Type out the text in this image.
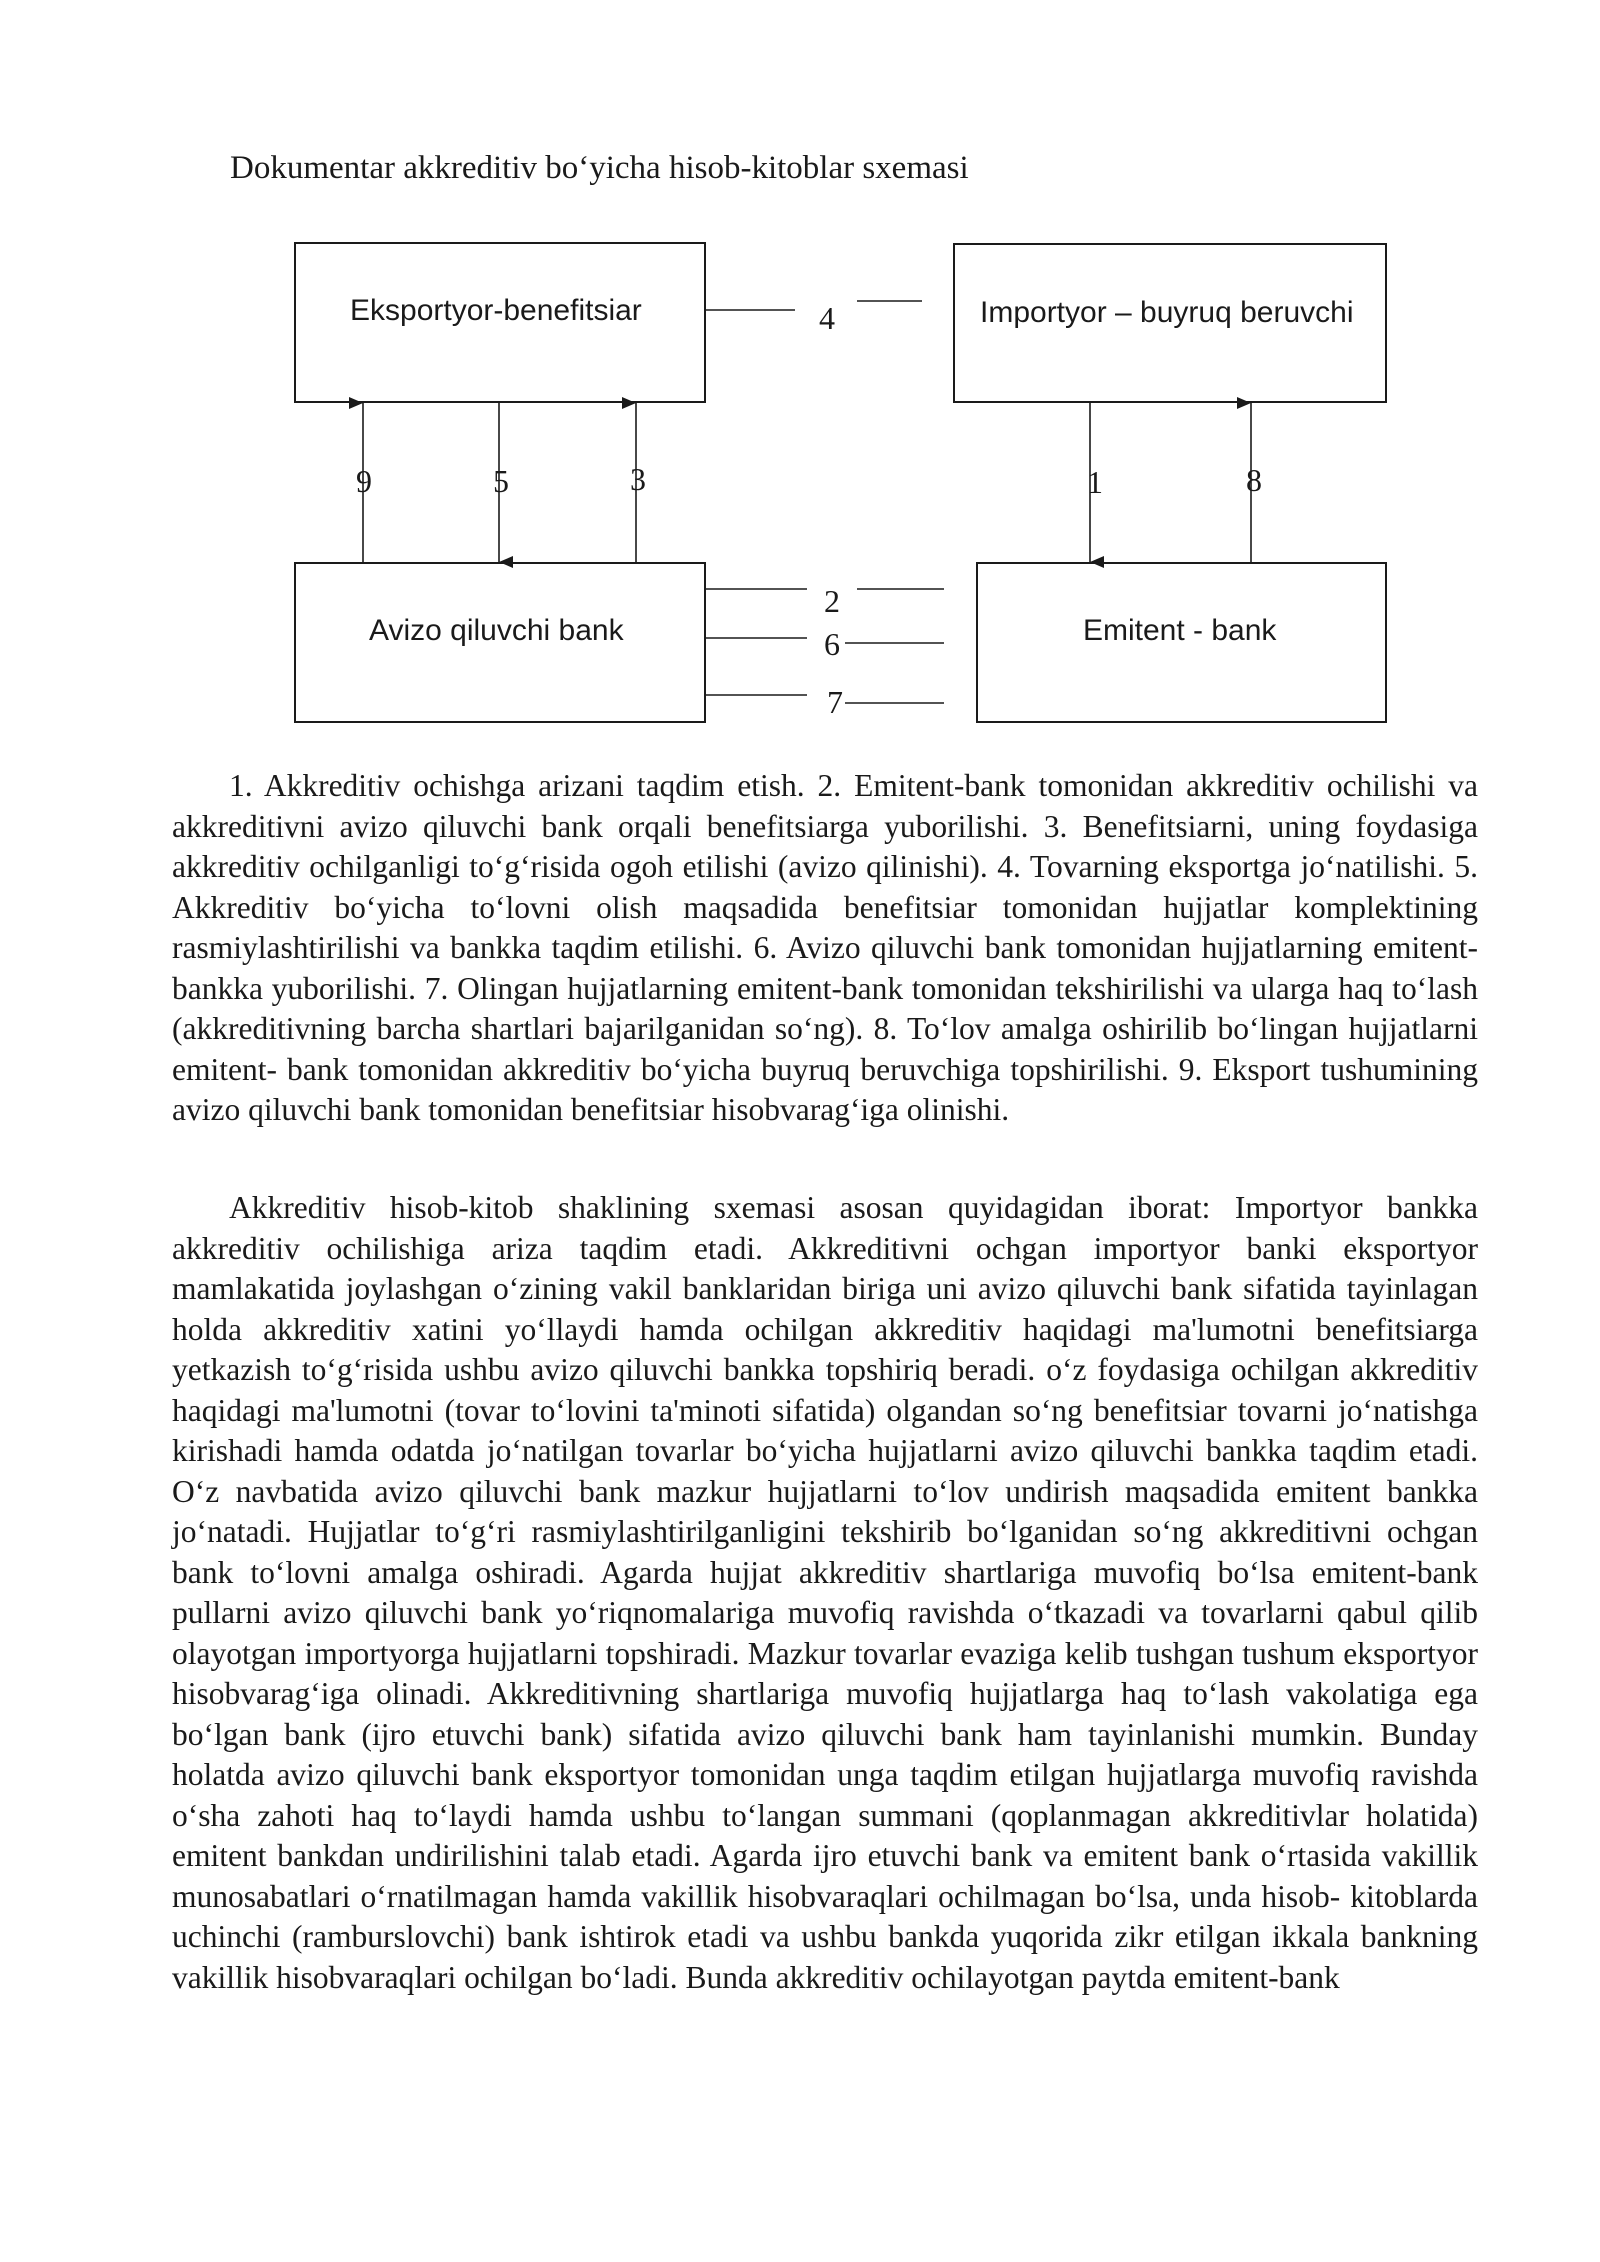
Dokumentar akkreditiv bo‘yicha hisob-kitoblar sxemasi
Eksportyor-benefitsiar	Importyor – buyruq beruvchi
Avizo qiluvchi bank	Emitent - bank
4
9	5	3	1	8
2
6
7

1. Akkreditiv ochishga arizani taqdim etish. 2. Emitent-bank tomonidan akkreditiv ochilishi va akkreditivni avizo qiluvchi bank orqali benefitsiarga yuborilishi. 3. Benefitsiarni, uning foydasiga akkreditiv ochilganligi to‘g‘risida ogoh etilishi (avizo qilinishi). 4. Tovarning eksportga jo‘natilishi. 5. Akkreditiv bo‘yicha to‘lovni olish maqsadida benefitsiar tomonidan hujjatlar komplektining rasmiylashtirilishi va bankka taqdim etilishi. 6. Avizo qiluvchi bank tomonidan hujjatlarning emitent-bankka yuborilishi. 7. Olingan hujjatlarning emitent-bank tomonidan tekshirilishi va ularga haq to‘lash (akkreditivning barcha shartlari bajarilganidan so‘ng). 8. To‘lov amalga oshirilib bo‘lingan hujjatlarni emitent- bank tomonidan akkreditiv bo‘yicha buyruq beruvchiga topshirilishi. 9. Eksport tushumining avizo qiluvchi bank tomonidan benefitsiar hisobvarag‘iga olinishi.

Akkreditiv hisob-kitob shaklining sxemasi asosan quyidagidan iborat: Importyor bankka akkreditiv ochilishiga ariza taqdim etadi. Akkreditivni ochgan importyor banki eksportyor mamlakatida joylashgan o‘zining vakil banklaridan biriga uni avizo qiluvchi bank sifatida tayinlagan holda akkreditiv xatini yo‘llaydi hamda ochilgan akkreditiv haqidagi ma'lumotni benefitsiarga yetkazish to‘g‘risida ushbu avizo qiluvchi bankka topshiriq beradi. o‘z foydasiga ochilgan akkreditiv haqidagi ma'lumotni (tovar to‘lovini ta'minoti sifatida) olgandan so‘ng benefitsiar tovarni jo‘natishga kirishadi hamda odatda jo‘natilgan tovarlar bo‘yicha hujjatlarni avizo qiluvchi bankka taqdim etadi. O‘z navbatida avizo qiluvchi bank mazkur hujjatlarni to‘lov undirish maqsadida emitent bankka jo‘natadi. Hujjatlar to‘g‘ri rasmiylashtirilganligini tekshirib bo‘lganidan so‘ng akkreditivni ochgan bank to‘lovni amalga oshiradi. Agarda hujjat akkreditiv shartlariga muvofiq bo‘lsa emitent-bank pullarni avizo qiluvchi bank yo‘riqnomalariga muvofiq ravishda o‘tkazadi va tovarlarni qabul qilib olayotgan importyorga hujjatlarni topshiradi. Mazkur tovarlar evaziga kelib tushgan tushum eksportyor hisobvarag‘iga olinadi. Akkreditivning shartlariga muvofiq hujjatlarga haq to‘lash vakolatiga ega bo‘lgan bank (ijro etuvchi bank) sifatida avizo qiluvchi bank ham tayinlanishi mumkin. Bunday holatda avizo qiluvchi bank eksportyor tomonidan unga taqdim etilgan hujjatlarga muvofiq ravishda o‘sha zahoti haq to‘laydi hamda ushbu to‘langan summani (qoplanmagan akkreditivlar holatida) emitent bankdan undirilishini talab etadi. Agarda ijro etuvchi bank va emitent bank o‘rtasida vakillik munosabatlari o‘rnatilmagan hamda vakillik hisobvaraqlari ochilmagan bo‘lsa, unda hisob- kitoblarda uchinchi (ramburslovchi) bank ishtirok etadi va ushbu bankda yuqorida zikr etilgan ikkala bankning vakillik hisobvaraqlari ochilgan bo‘ladi. Bunda akkreditiv ochilayotgan paytda emitent-bank
